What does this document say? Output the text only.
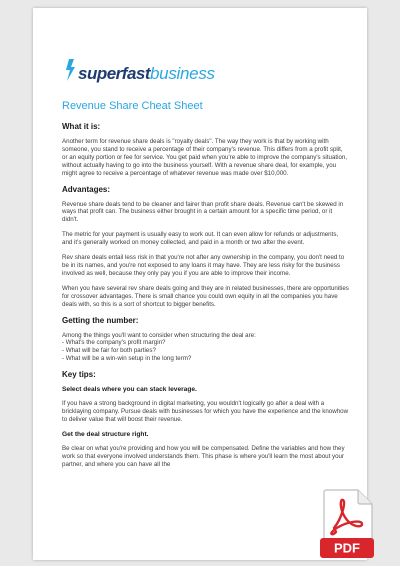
superfast business
Revenue Share Cheat Sheet
What it is:

Another term for revenue share deals is "royalty deals". The way they work is that by working with someone, you stand to receive a percentage of their company's revenue. This differs from a profit split, or an equity portion or fee for service. You get paid when you're able to improve the company's situation, without actually having to go into the business yourself. With a revenue share deal, for example, you might agree to receive a percentage of whatever revenue was made over $10,000.

Advantages:

Revenue share deals tend to be cleaner and fairer than profit share deals. Revenue can't be skewed in ways that profit can. The business either brought in a certain amount for a specific time period, or it didn't.

The metric for your payment is usually easy to work out. It can even allow for refunds or adjustments, and it's generally worked on money collected, and paid in a month or two after the event.

Rev share deals entail less risk in that you're not after any ownership in the company, you don't need to be in its names, and you're not exposed to any loans it may have. They are less risky for the business involved as well, because they only pay you if you are able to improve their income.

When you have several rev share deals going and they are in related businesses, there are opportunities for crossover advantages. There is small chance you could own equity in all the companies you have deals with, so this is a sort of shortcut to bigger benefits.

Getting the number:

Among the things you'll want to consider when structuring the deal are:
- What's the company's profit margin?
- What will be fair for both parties?
- What will be a win-win setup in the long term?

Key tips:
Select deals where you can stack leverage.

If you have a strong background in digital marketing, you wouldn't logically go after a deal with a bricklaying company. Pursue deals with businesses for which you have the experience and the knowhow to deliver value that will boost their revenue.

Get the deal structure right.

Be clear on what you're providing and how you will be compensated. Define the variables and how they work so that everyone involved understands them. This phase is where you'll learn the most about your partner, and where you can have all the

PDF
